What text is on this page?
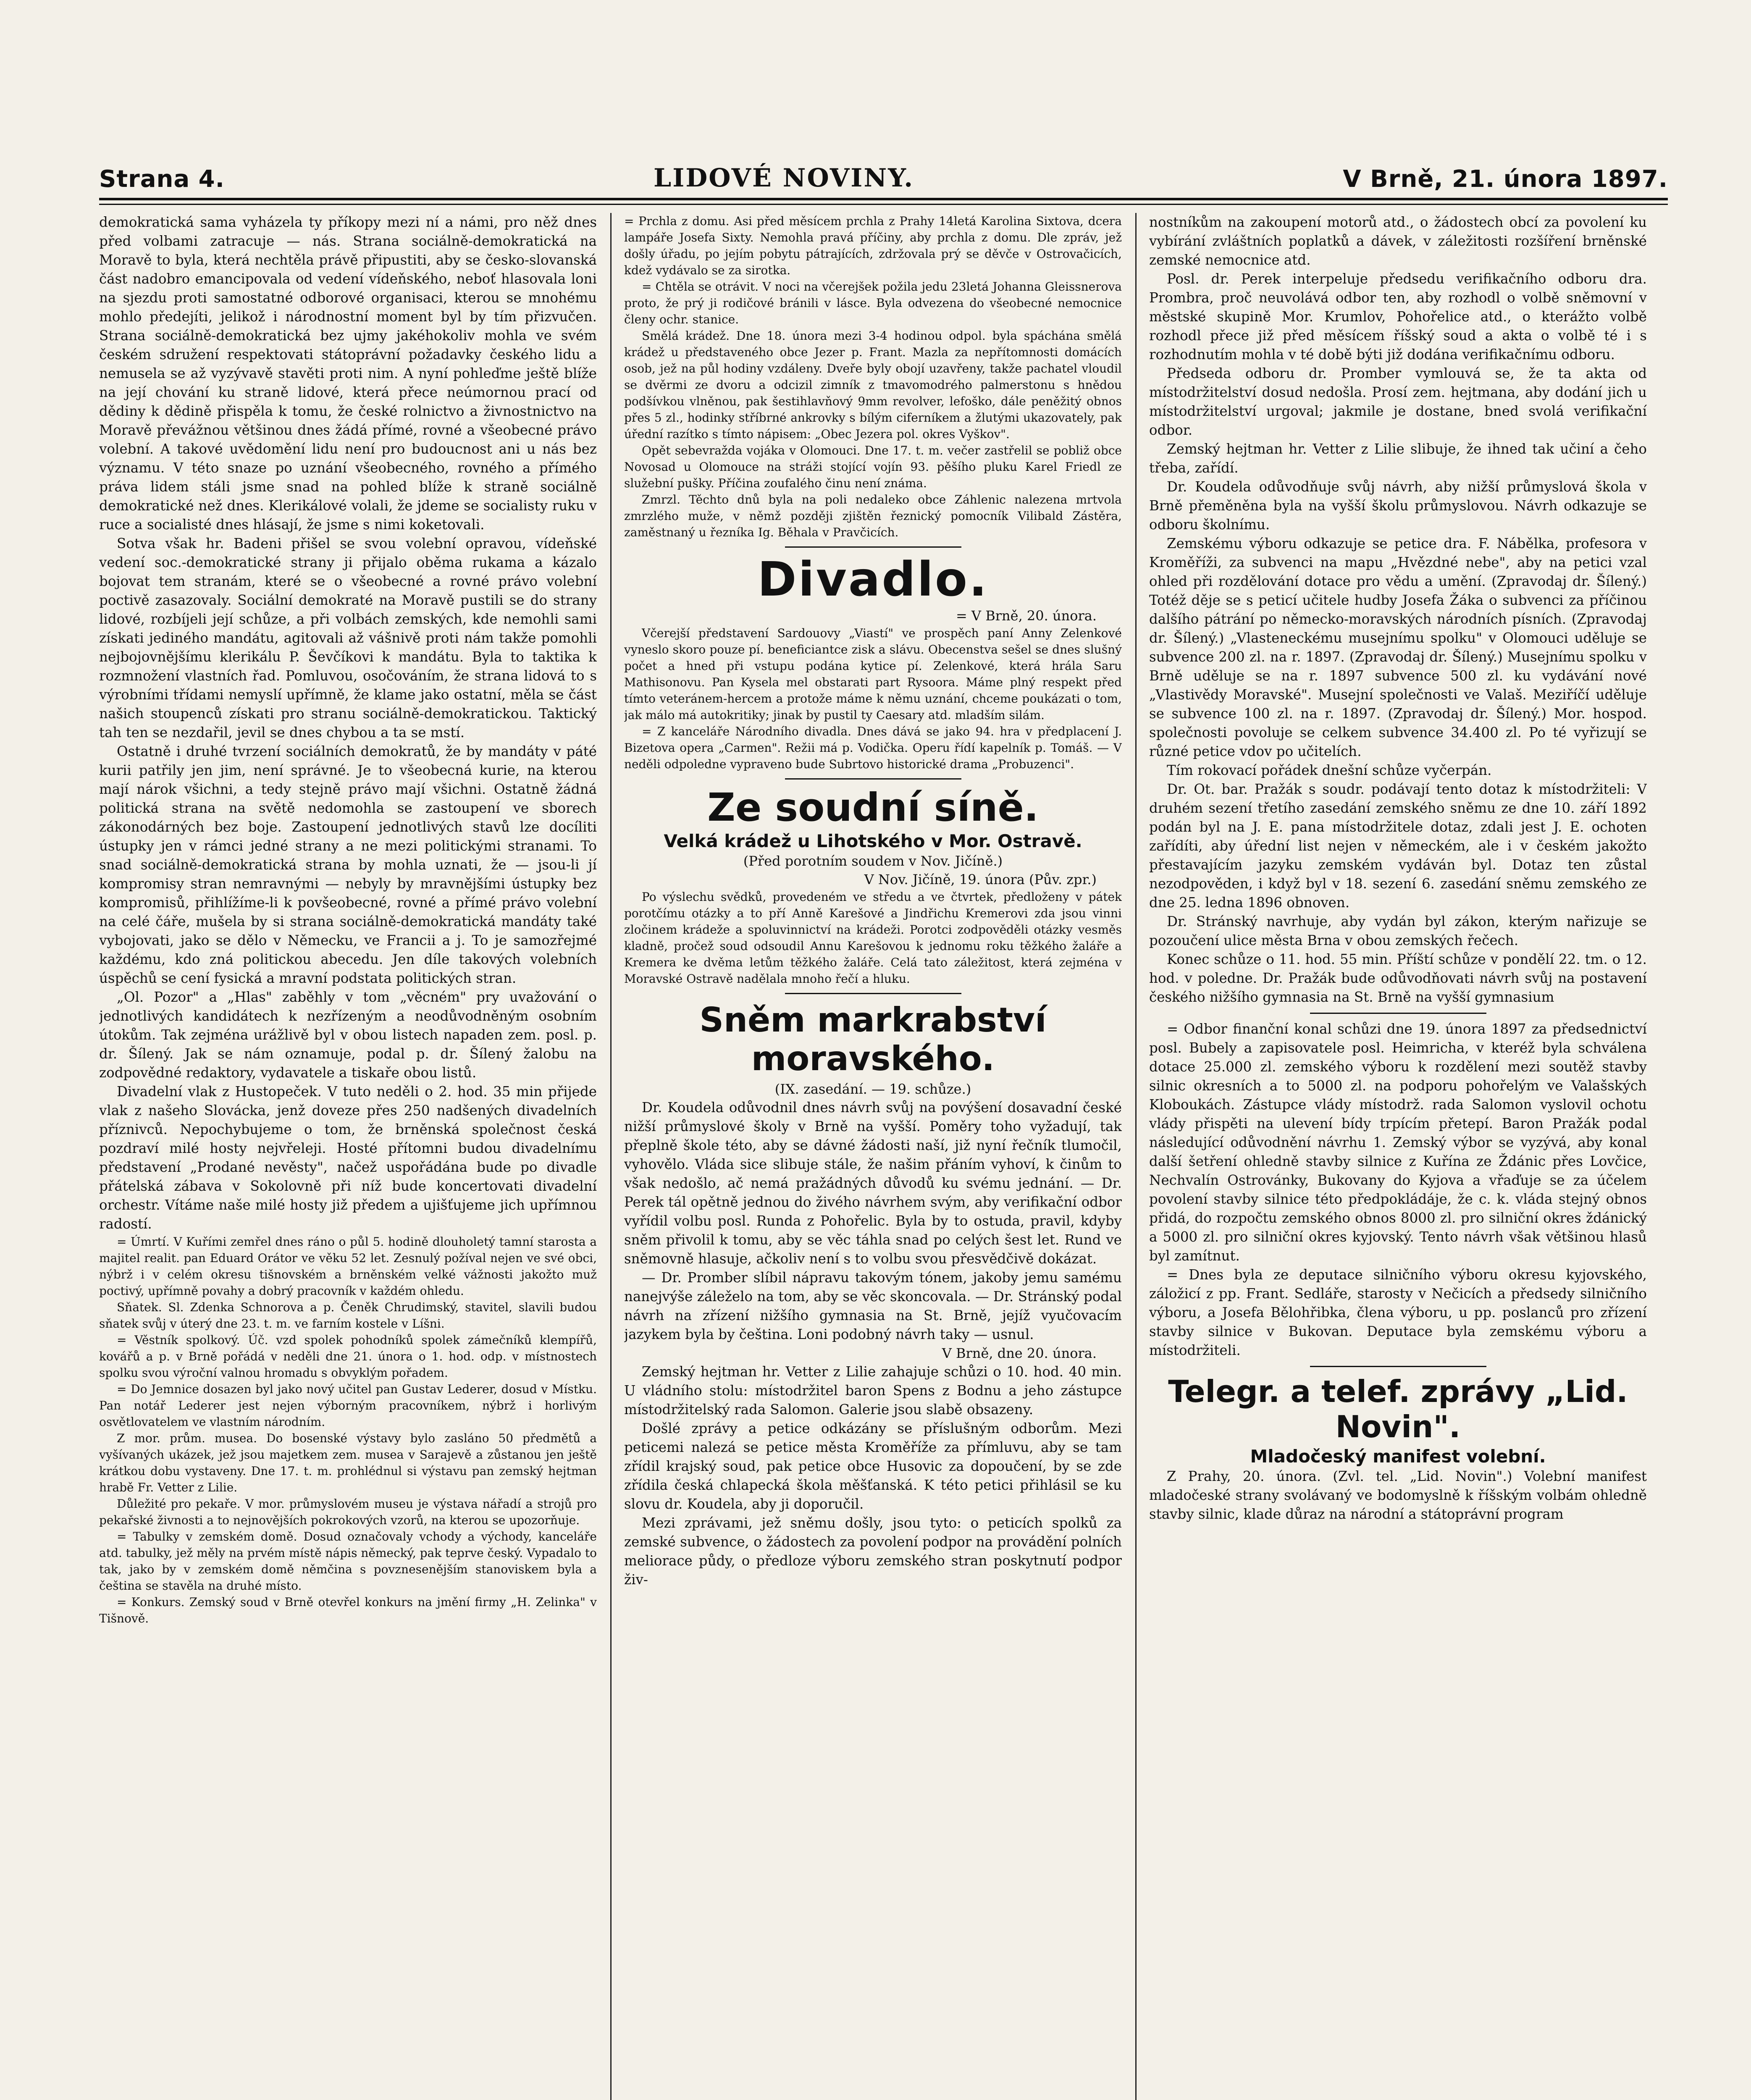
Strana 4.	LIDOVÉ NOVINY.	V Brně, 21. února 1897.

demokratická sama vyházela ty příkopy mezi ní a námi, pro něž dnes před volbami zatracuje — nás. Strana sociálně-demokratická na Moravě to byla, která nechtěla právě připustiti, aby se česko-slovanská část nadobro emancipovala od vedení vídeňského, neboť hlasovala loni na sjezdu proti samostatné odborové organisaci, kterou se mnohému mohlo předejíti, jelikož i národnostní moment byl by tím přizvučen. Strana sociálně-demokratická bez ujmy jakéhokoliv mohla ve svém českém sdružení respektovati státoprávní požadavky českého lidu a nemusela se až vyzývavě stavěti proti nim. A nyní pohleďme ještě blíže na její chování ku straně lidové, která přece neúmornou prací od dědiny k dědině přispěla k tomu, že české rolnictvo a živnostnictvo na Moravě převážnou většinou dnes žádá přímé, rovné a všeobecné právo volební. A takové uvědomění lidu není pro budoucnost ani u nás bez významu. V této snaze po uznání všeobecného, rovného a přímého práva lidem stáli jsme snad na pohled blíže k straně sociálně demokratické než dnes. Klerikálové volali, že jdeme se socialisty ruku v ruce a socialisté dnes hlásají, že jsme s nimi koketovali.

Sotva však hr. Badeni přišel se svou volební opravou, vídeňské vedení soc.-demokratické strany ji přijalo oběma rukama a kázalo bojovat tem stranám, které se o všeobecné a rovné právo volební poctivě zasazovaly. Sociální demokraté na Moravě pustili se do strany lidové, rozbíjeli její schůze, a při volbách zemských, kde nemohli sami získati jediného mandátu, agitovali až vášnivě proti nám takže pomohli nejbojovnějšímu klerikálu P. Ševčíkovi k mandátu. Byla to taktika k rozmnožení vlastních řad. Pomluvou, osočováním, že strana lidová to s výrobními třídami nemyslí upřímně, že klame jako ostatní, měla se část našich stoupenců získati pro stranu sociálně-demokratickou. Taktický tah ten se nezdařil, jevil se dnes chybou a ta se mstí.

Ostatně i druhé tvrzení sociálních demokratů, že by mandáty v páté kurii patřily jen jim, není správné. Je to všeobecná kurie, na kterou mají nárok všichni, a tedy stejně právo mají všichni. Ostatně žádná politická strana na světě nedomohla se zastoupení ve sborech zákonodárných bez boje. Zastoupení jednotlivých stavů lze docíliti ústupky jen v rámci jedné strany a ne mezi politickými stranami. To snad sociálně-demokratická strana by mohla uznati, že — jsou-li jí kompromisy stran nemravnými — nebyly by mravnějšími ústupky bez kompromisů, přihlížíme-li k povšeobecné, rovné a přímé právo volební na celé čáře, mušela by si strana sociálně-demokratická mandáty také vybojovati, jako se dělo v Německu, ve Francii a j. To je samozřejmé každému, kdo zná politickou abecedu. Jen díle takových volebních úspěchů se cení fysická a mravní podstata politických stran.

„Ol. Pozor" a „Hlas" zaběhly v tom „věcném" pry uvažování o jednotlivých kandidátech k nezřízeným a neodůvodněným osobním útokům. Tak zejména urážlivě byl v obou listech napaden zem. posl. p. dr. Šílený. Jak se nám oznamuje, podal p. dr. Šílený žalobu na zodpovědné redaktory, vydavatele a tiskaře obou listů.

Divadelní vlak z Hustopeček. V tuto neděli o 2. hod. 35 min přijede vlak z našeho Slovácka, jenž doveze přes 250 nadšených divadelních příznivců. Nepochybujeme o tom, že brněnská společnost česká pozdraví milé hosty nejvřeleji. Hosté přítomni budou divadelnímu představení „Prodané nevěsty", načež uspořádána bude po divadle přátelská zábava v Sokolovně při níž bude koncertovati divadelní orchestr. Vítáme naše milé hosty již předem a ujišťujeme jich upřímnou radostí.

= Úmrtí. V Kuřími zemřel dnes ráno o půl 5. hodině dlouholetý tamní starosta a majitel realit. pan Eduard Orátor ve věku 52 let. Zesnulý požíval nejen ve své obci, nýbrž i v celém okresu tišnovském a brněnském velké vážnosti jakožto muž poctivý, upřímně povahy a dobrý pracovník v každém ohledu.

Sňatek. Sl. Zdenka Schnorova a p. Čeněk Chrudimský, stavitel, slavili budou sňatek svůj v úterý dne 23. t. m. ve farním kostele v Líšni.

= Věstník spolkový. Úč. vzd spolek pohodníků spolek zámečníků klempířů, kovářů a p. v Brně pořádá v neděli dne 21. února o 1. hod. odp. v místnostech spolku svou výroční valnou hromadu s obvyklým pořadem.

= Do Jemnice dosazen byl jako nový učitel pan Gustav Lederer, dosud v Místku. Pan notář Lederer jest nejen výborným pracovníkem, nýbrž i horlivým osvětlovatelem ve vlastním národním.

Z mor. prům. musea. Do bosenské výstavy bylo zasláno 50 předmětů a vyšívaných ukázek, jež jsou majetkem zem. musea v Sarajevě a zůstanou jen ještě krátkou dobu vystaveny. Dne 17. t. m. prohlédnul si výstavu pan zemský hejtman hrabě Fr. Vetter z Lilie.

Důležité pro pekaře. V mor. průmyslovém museu je výstava nářadí a strojů pro pekařské živnosti a to nejnovějších pokrokových vzorů, na kterou se upozorňuje.

= Tabulky v zemském domě. Dosud označovaly vchody a východy, kanceláře atd. tabulky, jež měly na prvém místě nápis německý, pak teprve český. Vypadalo to tak, jako by v zemském domě němčina s povznesenějším stanoviskem byla a čeština se stavěla na druhé místo.

= Konkurs. Zemský soud v Brně otevřel konkurs na jmění firmy „H. Zelinka" v Tišnově.

= Prchla z domu. Asi před měsícem prchla z Prahy 14letá Karolina Sixtova, dcera lampáře Josefa Sixty. Nemohla pravá příčiny, aby prchla z domu. Dle zpráv, jež došly úřadu, po jejím pobytu pátrajících, zdržovala prý se děvče v Ostrovačicích, kdež vydávalo se za sirotka.

= Chtěla se otrávit. V noci na včerejšek požila jedu 23letá Johanna Gleissnerova proto, že prý ji rodičové bránili v lásce. Byla odvezena do všeobecné nemocnice členy ochr. stanice.

Smělá krádež. Dne 18. února mezi 3-4 hodinou odpol. byla spáchána smělá krádež u představeného obce Jezer p. Frant. Mazla za nepřítomnosti domácích osob, jež na půl hodiny vzdáleny. Dveře byly obojí uzavřeny, takže pachatel vloudil se dvěrmi ze dvoru a odcizil zimník z tmavomodrého palmerstonu s hnědou podšívkou vlněnou, pak šestihlavňový 9mm revolver, lefoško, dále peněžitý obnos přes 5 zl., hodinky stříbrné ankrovky s bílým ciferníkem a žlutými ukazovately, pak úřední razítko s tímto nápisem: „Obec Jezera pol. okres Vyškov".

Opět sebevražda vojáka v Olomouci. Dne 17. t. m. večer zastřelil se pobliž obce Novosad u Olomouce na stráži stojící vojín 93. pěšího pluku Karel Friedl ze služební pušky. Příčina zoufalého činu není známa.

Zmrzl. Těchto dnů byla na poli nedaleko obce Záhlenic nalezena mrtvola zmrzlého muže, v němž později zjištěn řeznický pomocník Vilibald Zástěra, zaměstnaný u řezníka Ig. Běhala v Pravčicích.

Divadlo.
= V Brně, 20. února.

Včerejší představení Sardouovy „Viastí" ve prospěch paní Anny Zelenkové vyneslo skoro pouze pí. beneficiantce zisk a slávu. Obecenstva sešel se dnes slušný počet a hned při vstupu podána kytice pí. Zelenkové, která hrála Saru Mathisonovu. Pan Kysela mel obstarati part Rysoora. Máme plný respekt před tímto veteránem-hercem a protože máme k němu uznání, chceme poukázati o tom, jak málo má autokritiky; jinak by pustil ty Caesary atd. mladším silám.

= Z kanceláře Národního divadla. Dnes dává se jako 94. hra v předplacení J. Bizetova opera „Carmen". Režii má p. Vodička. Operu řídí kapelník p. Tomáš. — V neděli odpoledne vypraveno bude Subrtovo historické drama „Probuzenci".

Ze soudní síně.
Velká krádež u Lihotského v Mor. Ostravě.
(Před porotním soudem v Nov. Jičíně.)
V Nov. Jičíně, 19. února (Pův. zpr.)

Po výslechu svědků, provedeném ve středu a ve čtvrtek, předloženy v pátek porotčímu otázky a to pří Anně Karešové a Jindřichu Kremerovi zda jsou vinni zločinem krádeže a spoluvinnictví na krádeži. Porotci zodpověděli otázky vesměs kladně, pročež soud odsoudil Annu Karešovou k jednomu roku těžkého žaláře a Kremera ke dvěma letům těžkého žaláře. Celá tato záležitost, která zejména v Moravské Ostravě nadělala mnoho řečí a hluku.

Sněm markrabství moravského.
(IX. zasedání. — 19. schůze.)

Dr. Koudela odůvodnil dnes návrh svůj na povýšení dosavadní české nižší průmyslové školy v Brně na vyšší. Poměry toho vyžadují, tak přeplně škole této, aby se dávné žádosti naší, již nyní řečník tlumočil, vyhovělo. Vláda sice slibuje stále, že našim přáním vyhoví, k činům to však nedošlo, ač nemá pražádných důvodů ku svému jednání. — Dr. Perek tál opětně jednou do živého návrhem svým, aby verifikační odbor vyřídil volbu posl. Runda z Pohořelic. Byla by to ostuda, pravil, kdyby sněm přivolil k tomu, aby se věc táhla snad po celých šest let. Rund ve sněmovně hlasuje, ačkoliv není s to volbu svou přesvědčivě dokázat.

— Dr. Promber slíbil nápravu takovým tónem, jakoby jemu samému nanejvýše záleželo na tom, aby se věc skoncovala. — Dr. Stránský podal návrh na zřízení nižšího gymnasia na St. Brně, jejíž vyučovacím jazykem byla by čeština. Loni podobný návrh taky — usnul.

V Brně, dne 20. února.

Zemský hejtman hr. Vetter z Lilie zahajuje schůzi o 10. hod. 40 min. U vládního stolu: místodržitel baron Spens z Bodnu a jeho zástupce místodržitelský rada Salomon. Galerie jsou slabě obsazeny.

Došlé zprávy a petice odkázány se příslušným odborům. Mezi peticemi nalezá se petice města Kroměříže za přímluvu, aby se tam zřídil krajský soud, pak petice obce Husovic za dopoučení, by se zde zřídila česká chlapecká škola měšťanská. K této petici přihlásil se ku slovu dr. Koudela, aby ji doporučil.

Mezi zprávami, jež sněmu došly, jsou tyto: o peticích spolků za zemské subvence, o žádostech za povolení podpor na provádění polních meliorace půdy, o předloze výboru zemského stran poskytnutí podpor živ-

nostníkům na zakoupení motorů atd., o žádostech obcí za povolení ku vybírání zvláštních poplatků a dávek, v záležitosti rozšíření brněnské zemské nemocnice atd.

Posl. dr. Perek interpeluje předsedu verifikačního odboru drа. Prombra, proč neuvolává odbor ten, aby rozhodl o volbě sněmovní v městské skupině Mor. Krumlov, Pohořelice atd., o kterážto volbě rozhodl přece již před měsícem říšský soud a akta o volbě té i s rozhodnutím mohla v té době býti již dodána verifikačnímu odboru.

Předseda odboru dr. Promber vymlouvá se, že ta akta od místodržitelství dosud nedošla. Prosí zem. hejtmana, aby dodání jich u místodržitelství urgoval; jakmile je dostane, bned svolá verifikační odbor.

Zemský hejtman hr. Vetter z Lilie slibuje, že ihned tak učiní a čeho třeba, zařídí.

Dr. Koudela odůvodňuje svůj návrh, aby nižší průmyslová škola v Brně přeměněna byla na vyšší školu průmyslovou. Návrh odkazuje se odboru školnímu.

Zemskému výboru odkazuje se petice drа. F. Nábělka, profesora v Kroměříži, za subvenci na mapu „Hvězdné nebe", aby na petici vzal ohled při rozdělování dotace pro vědu a umění. (Zpravodaj dr. Šílený.) Totéž děje se s peticí učitele hudby Josefa Žáka o subvenci za příčinou dalšího pátrání po německo-moravských národních písních. (Zpravodaj dr. Šílený.) „Vlasteneckému musejnímu spolku" v Olomouci uděluje se subvence 200 zl. na r. 1897. (Zpravodaj dr. Šílený.) Museјnímu spolku v Brně uděluje se na r. 1897 subvence 500 zl. ku vydávání nové „Vlastivědy Moravské". Musejní společnosti ve Valaš. Meziříčí uděluje se subvence 100 zl. na r. 1897. (Zpravodaj dr. Šílený.) Mor. hospod. společnosti povoluje se celkem subvence 34.400 zl. Po té vyřizují se různé petice vdov po učitelích.

Tím rokovací pořádek dnešní schůze vyčerpán.

Dr. Ot. bar. Pražák s soudr. podávají tento dotaz k místodržiteli: V druhém sezení třetího zasedání zemského sněmu ze dne 10. září 1892 podán byl na J. E. pana místodržitele dotaz, zdali jest J. E. ochoten zařídíti, aby úřední list nejen v německém, ale i v českém jakožto přestavajícím jazyku zemském vydáván byl. Dotaz ten zůstal nezodpověden, i když byl v 18. sezení 6. zasedání sněmu zemského ze dne 25. ledna 1896 obnoven.

Dr. Stránský navrhuje, aby vydán byl zákon, kterým nařizuje se pozoučení ulice města Brna v obou zemských řečech.

Konec schůze o 11. hod. 55 min. Příští schůze v pondělí 22. tm. o 12. hod. v poledne. Dr. Pražák bude odůvodňovati návrh svůj na postavení českého nižšího gymnasia na St. Brně na vyšší gymnasium

= Odbor finanční konal schůzi dne 19. února 1897 za předsednictví posl. Bubely a zapisovatele posl. Heimricha, v kteréž byla schválena dotace 25.000 zl. zemského výboru k rozdělení mezi soutěž stavby silnic okresních a to 5000 zl. na podporu pohořelým ve Valašských Kloboukách. Zástupce vlády místodrž. rada Salomon vyslovil ochotu vlády přispěti na ulevení bídy trpícím přetepí. Baron Pražák podal následující odůvodnění návrhu 1. Zemský výbor se vyzývá, aby konal další šetření ohledně stavby silnice z Kuřína ze Ždánic přes Lovčice, Nechvalín Ostrovánky, Bukovany do Kyjova a vřaďuje se za účelem povolení stavby silnice této předpokládáje, že c. k. vláda stejný obnos přidá, do rozpočtu zemského obnos 8000 zl. pro silniční okres ždánický a 5000 zl. pro silniční okres kyjovský. Tento návrh však většinou hlasů byl zamítnut.

= Dnes byla ze deputace silničního výboru okresu kyjovského, záložicí z pp. Frant. Sedláře, starosty v Nečicích a předsedy silničního výboru, a Josefa Bělohřibka, člena výboru, u pp. poslanců pro zřízení stavby silnice v Bukovan. Deputace byla zemskému výboru a místodržiteli.

Telegr. a telef. zprávy „Lid. Novin".
Mladočeský manifest volební.

Z Prahy, 20. února. (Zvl. tel. „Lid. Novin".) Volební manifest mladočeské strany svolávaný ve bodomyslně k říšským volbám ohledně stavby silnic, klade důraz na národní a státoprávní program
